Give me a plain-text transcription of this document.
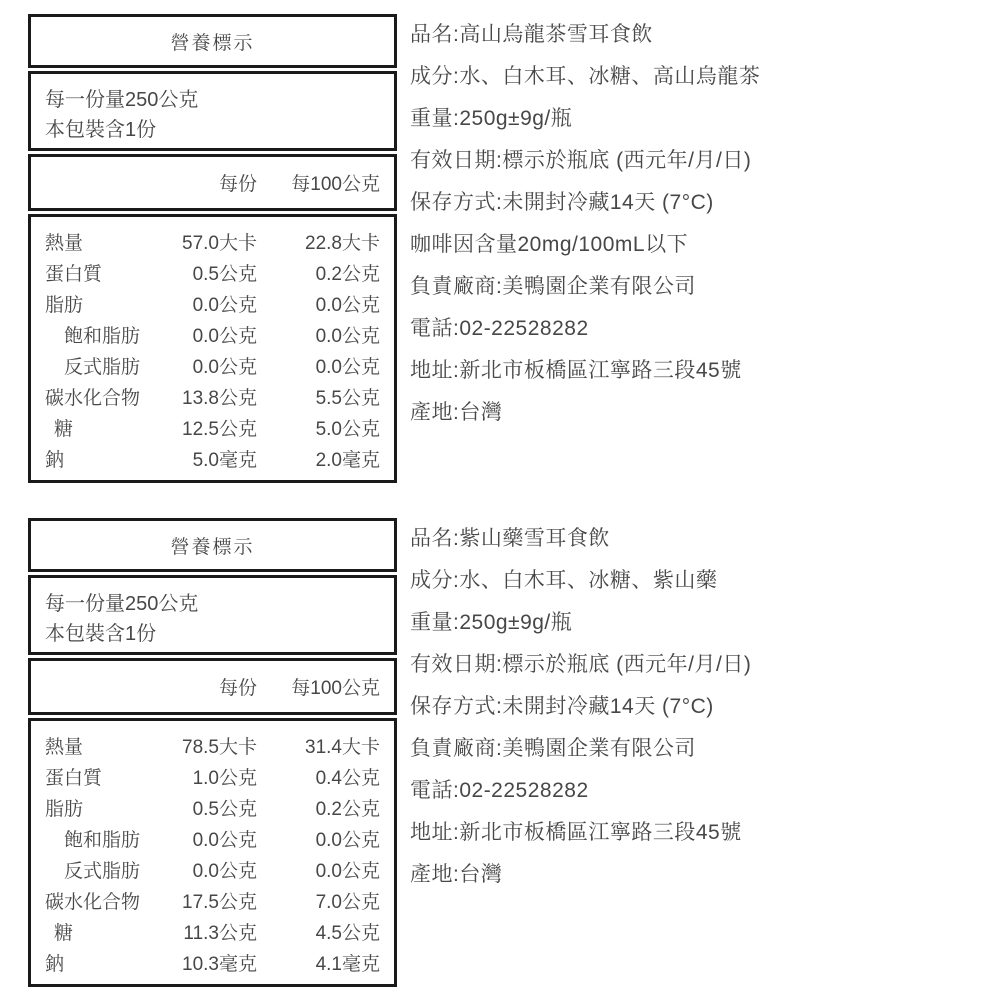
營養標示
每一份量250公克
本包裝含1份
每份	每100公克
熱量	57.0大卡	22.8大卡
蛋白質	0.5公克	0.2公克
脂肪	0.0公克	0.0公克
飽和脂肪	0.0公克	0.0公克
反式脂肪	0.0公克	0.0公克
碳水化合物	13.8公克	5.5公克
糖	12.5公克	5.0公克
鈉	5.0毫克	2.0毫克
品名:高山烏龍茶雪耳食飲
成分:水、白木耳、冰糖、高山烏龍茶
重量:250g±9g/瓶
有效日期:標示於瓶底 (西元年/月/日)
保存方式:未開封冷藏14天 (7°C)
咖啡因含量20mg/100mL以下
負責廠商:美鴨園企業有限公司
電話:02-22528282
地址:新北市板橋區江寧路三段45號
產地:台灣
營養標示
每一份量250公克
本包裝含1份
每份	每100公克
熱量	78.5大卡	31.4大卡
蛋白質	1.0公克	0.4公克
脂肪	0.5公克	0.2公克
飽和脂肪	0.0公克	0.0公克
反式脂肪	0.0公克	0.0公克
碳水化合物	17.5公克	7.0公克
糖	11.3公克	4.5公克
鈉	10.3毫克	4.1毫克
品名:紫山藥雪耳食飲
成分:水、白木耳、冰糖、紫山藥
重量:250g±9g/瓶
有效日期:標示於瓶底 (西元年/月/日)
保存方式:未開封冷藏14天 (7°C)
負責廠商:美鴨園企業有限公司
電話:02-22528282
地址:新北市板橋區江寧路三段45號
產地:台灣
